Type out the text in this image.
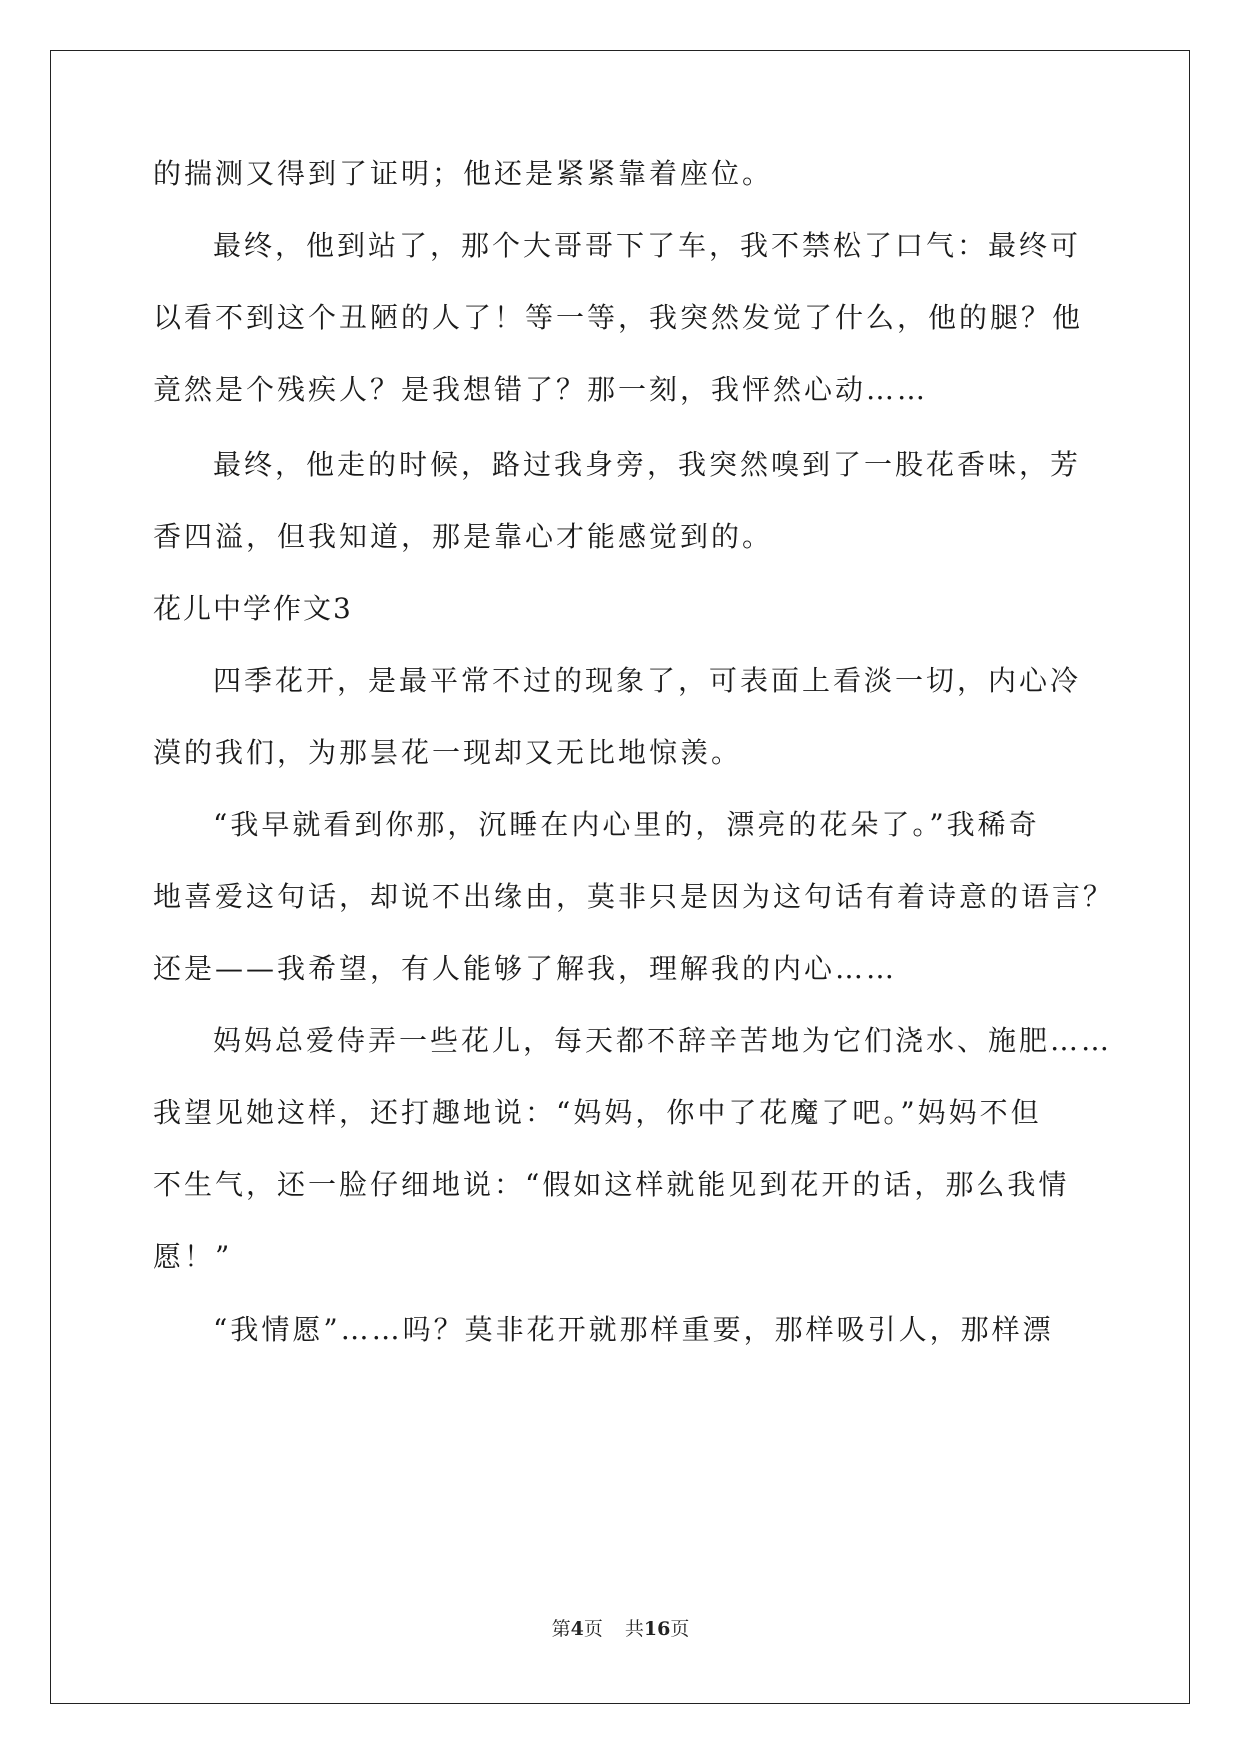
的揣测又得到了证明；他还是紧紧靠着座位。
最终，他到站了，那个大哥哥下了车，我不禁松了口气：最终可
以看不到这个丑陋的人了！等一等，我突然发觉了什么，他的腿？他
竟然是个残疾人？是我想错了？那一刻，我怦然心动……
最终，他走的时候，路过我身旁，我突然嗅到了一股花香味，芳
香四溢，但我知道，那是靠心才能感觉到的。
花儿中学作文3
四季花开，是最平常不过的现象了，可表面上看淡一切，内心冷
漠的我们，为那昙花一现却又无比地惊羡。
“我早就看到你那，沉睡在内心里的，漂亮的花朵了。”我稀奇
地喜爱这句话，却说不出缘由，莫非只是因为这句话有着诗意的语言？
还是——我希望，有人能够了解我，理解我的内心……
妈妈总爱侍弄一些花儿，每天都不辞辛苦地为它们浇水、施肥……
我望见她这样，还打趣地说：“妈妈，你中了花魔了吧。”妈妈不但
不生气，还一脸仔细地说：“假如这样就能见到花开的话，那么我情
愿！”
“我情愿”……吗？莫非花开就那样重要，那样吸引人，那样漂
第4页 共16页
